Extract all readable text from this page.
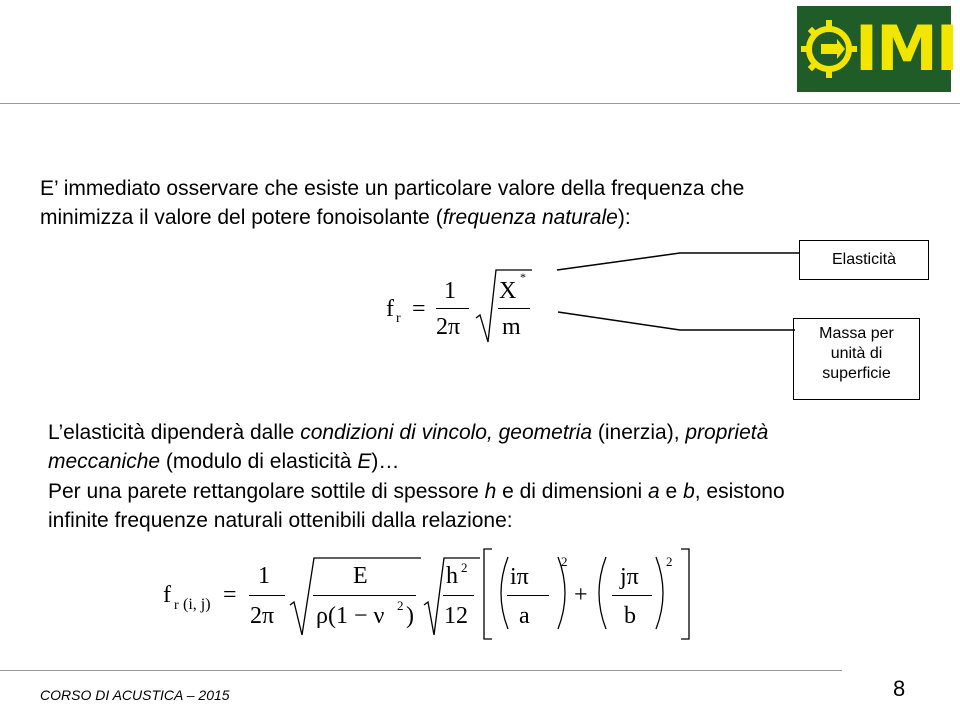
IMI
E’ immediato osservare che esiste un particolare valore della frequenza che
minimizza il valore del potere fonoisolante (frequenza naturale):
f r =
1
2π
X
*
m
Elasticità
Massa per
unità di
superficie
L’elasticità dipenderà dalle condizioni di vincolo, geometria (inerzia), proprietà
meccaniche (modulo di elasticità E)…
Per una parete rettangolare sottile di spessore h e di dimensioni a e b, esistono
infinite frequenze naturali ottenibili dalla relazione:
f r (i, j) =
1
2π
E
ρ(1 − ν 2 )
h 2
12
iπ
a
2
+
jπ
b
2
CORSO DI ACUSTICA – 2015	8
